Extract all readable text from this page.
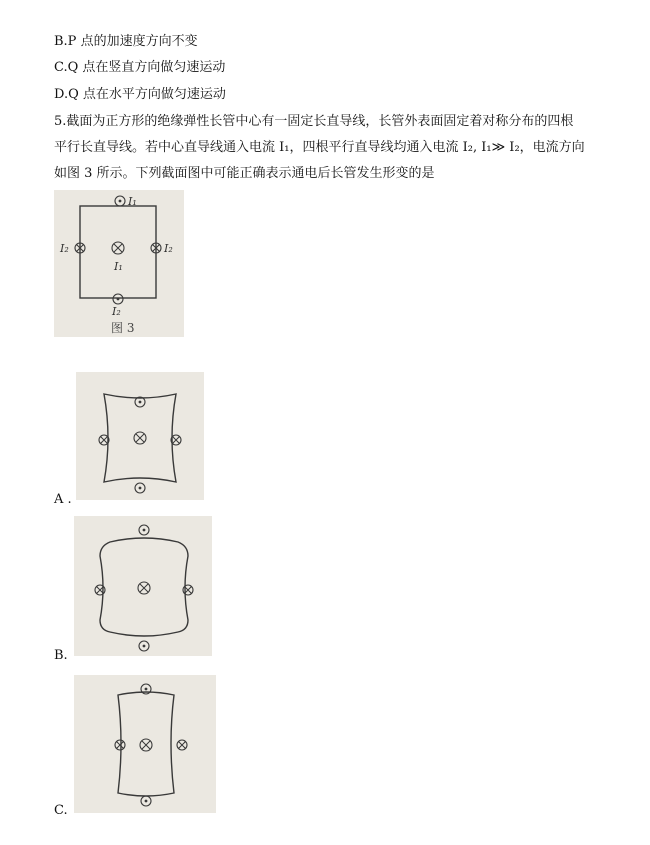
B.P 点的加速度方向不变
C.Q 点在竖直方向做匀速运动
D.Q 点在水平方向做匀速运动
5.截面为正方形的绝缘弹性长管中心有一固定长直导线，长管外表面固定着对称分布的四根
平行长直导线。若中心直导线通入电流 I₁，四根平行直导线均通入电流 I₂, I₁≫ I₂，电流方向
如图 3 所示。下列截面图中可能正确表示通电后长管发生形变的是
I₁
I₂	I₂
I₁
I₂
图 3
A .
B.
C.
